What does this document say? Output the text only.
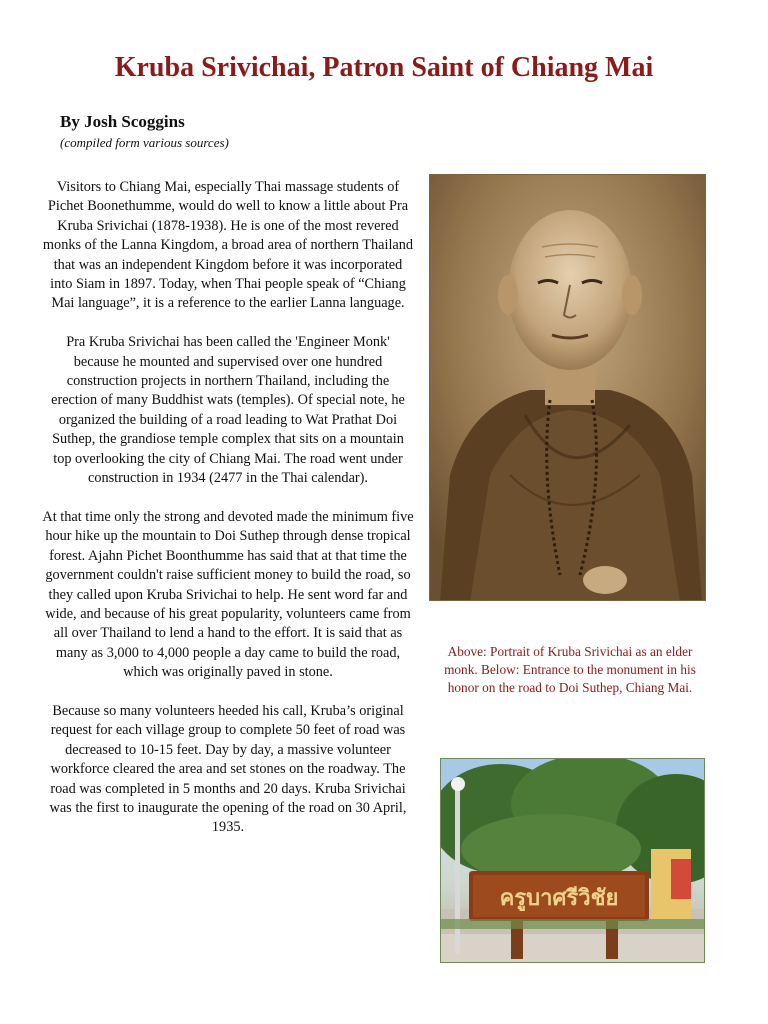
Kruba Srivichai, Patron Saint of Chiang Mai

By Josh Scoggins

(compiled form various sources)

Visitors to Chiang Mai, especially Thai massage students of Pichet Boonethumme, would do well to know a little about Pra Kruba Srivichai (1878-1938). He is one of the most revered monks of the Lanna Kingdom, a broad area of northern Thailand that was an independent Kingdom before it was incorporated into Siam in 1897. Today, when Thai people speak of “Chiang Mai language”, it is a reference to the earlier Lanna language.

Pra Kruba Srivichai has been called the 'Engineer Monk' because he mounted and supervised over one hundred construction projects in northern Thailand, including the erection of many Buddhist wats (temples). Of special note, he organized the building of a road leading to Wat Prathat Doi Suthep, the grandiose temple complex that sits on a mountain top overlooking the city of Chiang Mai. The road went under construction in 1934 (2477 in the Thai calendar).

At that time only the strong and devoted made the minimum five hour hike up the mountain to Doi Suthep through dense tropical forest. Ajahn Pichet Boonthumme has said that at that time the government couldn't raise sufficient money to build the road, so they called upon Kruba Srivichai to help. He sent word far and wide, and because of his great popularity, volunteers came from all over Thailand to lend a hand to the effort. It is said that as many as 3,000 to 4,000 people a day came to build the road, which was originally paved in stone.

Because so many volunteers heeded his call, Kruba’s original request for each village group to complete 50 feet of road was decreased to 10-15 feet. Day by day, a massive volunteer workforce cleared the area and set stones on the roadway. The road was completed in 5 months and 20 days. Kruba Srivichai was the first to inaugurate the opening of the road on 30 April, 1935.

Above: Portrait of Kruba Srivichai as an elder monk. Below: Entrance to the monument in his honor on the road to Doi Suthep, Chiang Mai.

ครูบาศรีวิชัย
